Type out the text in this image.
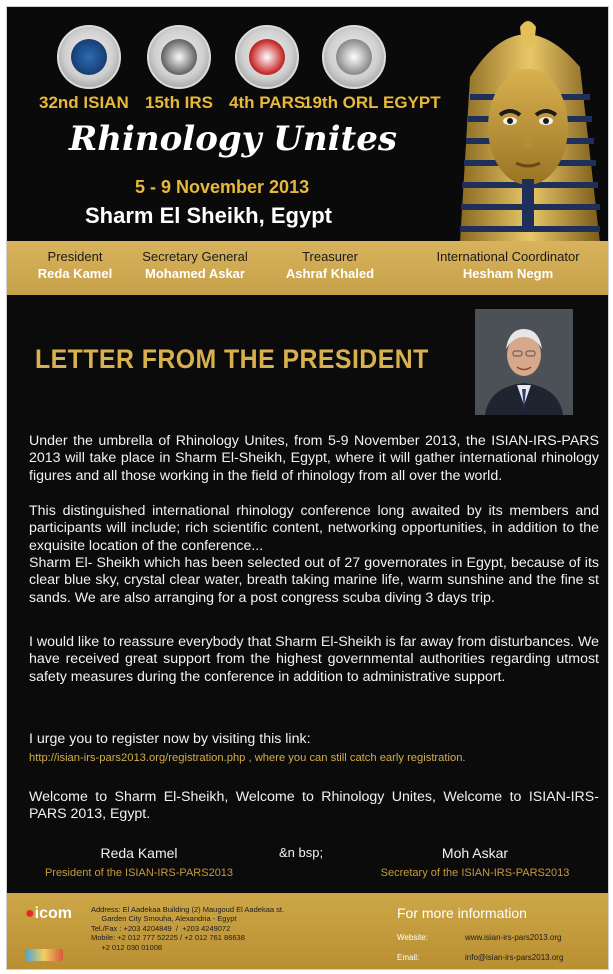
32nd ISIAN 15th IRS 4th PARS
19th ORL EGYPT
Rhinology Unites
5 - 9 November 2013
Sharm El Sheikh, Egypt
President
Reda Kamel
Secretary General
Mohamed Askar
Treasurer
Ashraf Khaled
International Coordinator
Hesham Negm
LETTER FROM THE PRESIDENT

Under the umbrella of Rhinology Unites, from 5-9 November 2013, the ISIAN-IRS-PARS 2013 will take place in Sharm El-Sheikh, Egypt, where it will gather international rhinology figures and all those working in the field of rhinology from all over the world.

This distinguished international rhinology conference long awaited by its members and participants will include; rich scientific content, networking opportunities, in addition to the exquisite location of the conference...

Sharm El- Sheikh which has been selected out of 27 governorates in Egypt, because of its clear blue sky, crystal clear water, breath taking marine life, warm sunshine and the fine st sands. We are also arranging for a post congress scuba diving 3 days trip.

I would like to reassure everybody that Sharm El-Sheikh is far away from disturbances. We have received great support from the highest governmental authorities regarding utmost safety measures during the conference in addition to administrative support.

I urge you to register now by visiting this link:

http://isian-irs-pars2013.org/registration.php , where you can still catch early registration.

Welcome to Sharm El-Sheikh, Welcome to Rhinology Unites, Welcome to ISIAN-IRS-PARS 2013, Egypt.

Reda Kamel
President of the ISIAN-IRS-PARS2013
&n bsp;	Moh Askar
Secretary of the ISIAN-IRS-PARS2013
●icom	Address: El Aadekaa Building (2) Maugoud El Aadekaa st.
Garden City Smouha, Alexandria - Egypt
Tel./Fax : +203 4204849  /  +203 4249072
Mobile: +2 012 777 52225 / +2 012 761 86638
+2 012 030 01008
For more information
Website:	www.isian-irs-pars2013.org
Email:	info@isian-irs-pars2013.org
